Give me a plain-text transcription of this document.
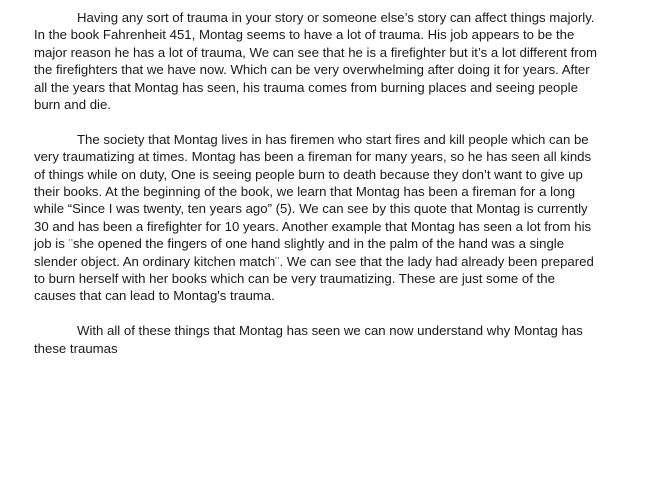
Having any sort of trauma in your story or someone else’s story can affect things majorly. In the book Fahrenheit 451, Montag seems to have a lot of trauma. His job appears to be the major reason he has a lot of trauma, We can see that he is a firefighter but it’s a lot different from the firefighters that we have now. Which can be very overwhelming after doing it for years. After all the years that Montag has seen, his trauma comes from burning places and seeing people burn and die.

The society that Montag lives in has firemen who start fires and kill people which can be very traumatizing at times. Montag has been a fireman for many years, so he has seen all kinds of things while on duty, One is seeing people burn to death because they don’t want to give up their books. At the beginning of the book, we learn that Montag has been a fireman for a long while “Since I was twenty, ten years ago” (5). We can see by this quote that Montag is currently 30 and has been a firefighter for 10 years. Another example that Montag has seen a lot from his job is ¨she opened the fingers of one hand slightly and in the palm of the hand was a single slender object. An ordinary kitchen match¨. We can see that the lady had already been prepared to burn herself with her books which can be very traumatizing. These are just some of the causes that can lead to Montag's trauma.

With all of these things that Montag has seen we can now understand why Montag has these traumas
